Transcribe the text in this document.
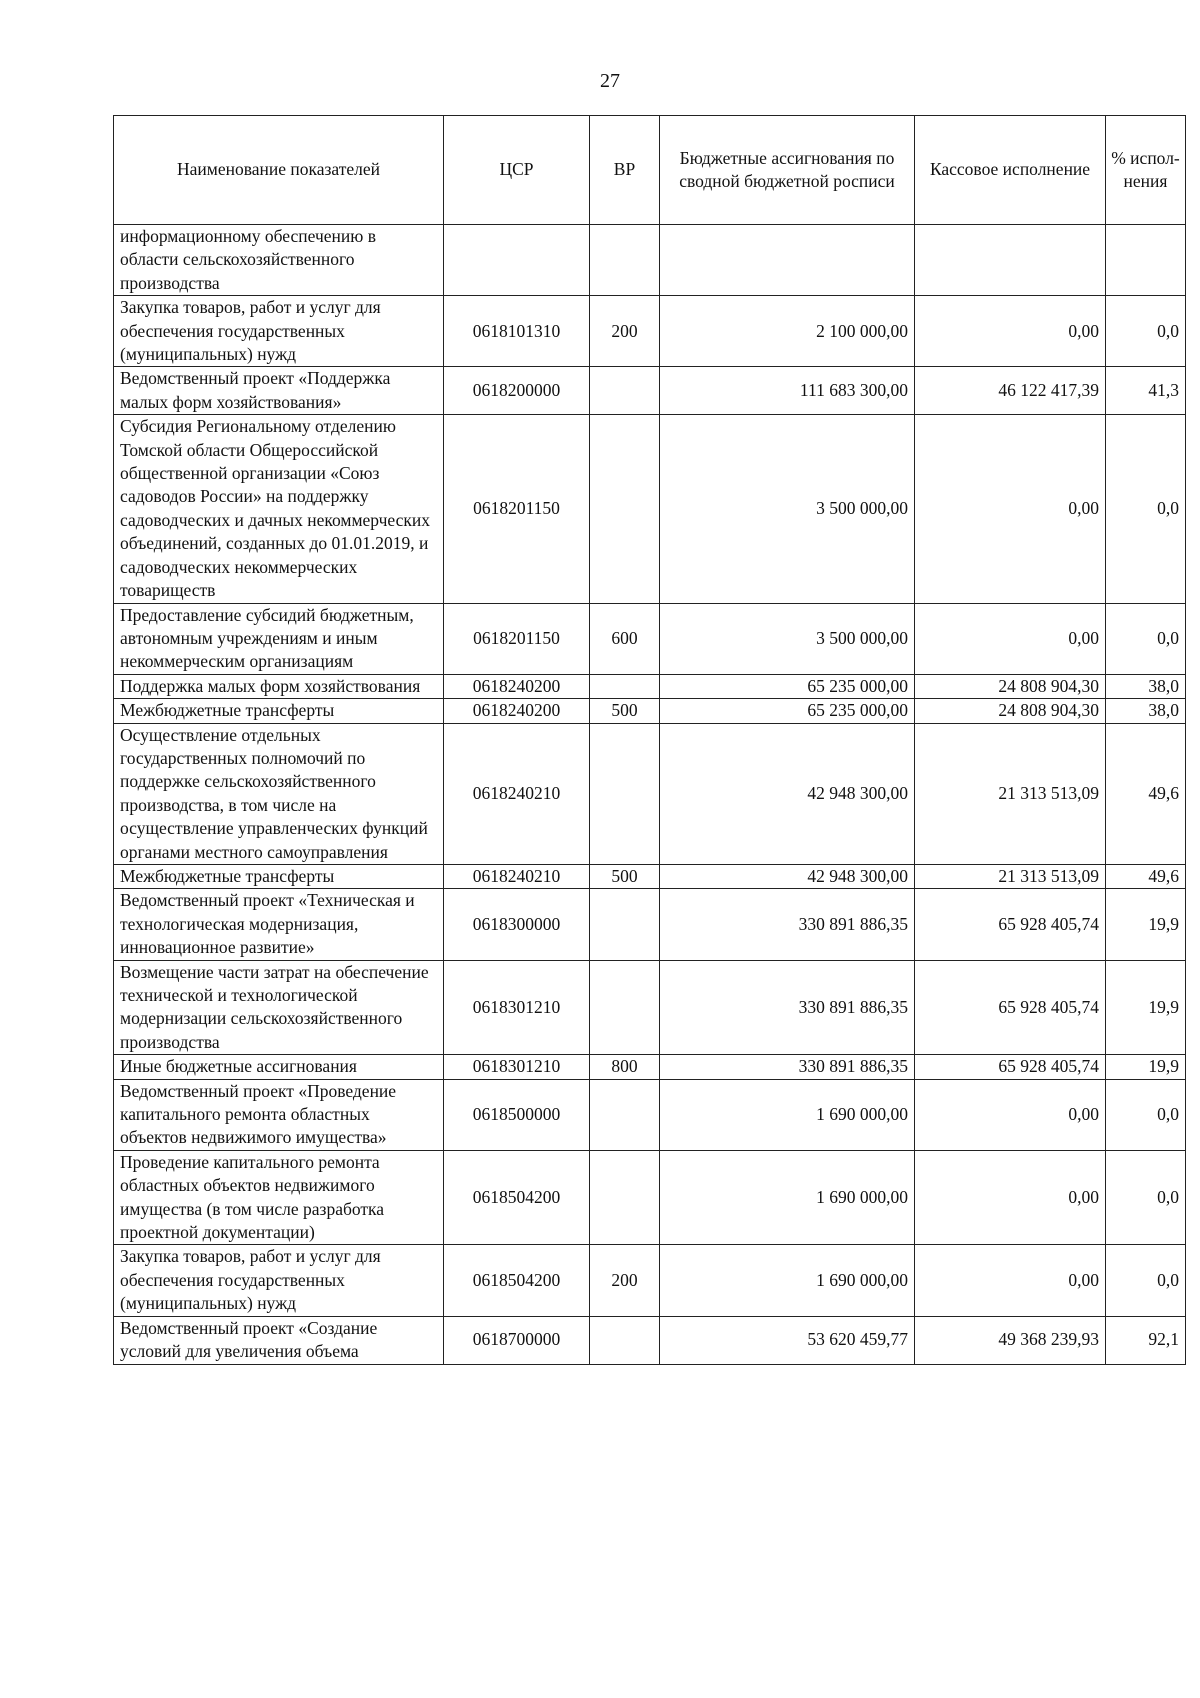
27
Наименование показателей	ЦСР	ВР	Бюджетные ассигнования по сводной бюджетной росписи	Кассовое исполнение	% испол-нения
информационному обеспечению в области сельскохозяйственного производства					
Закупка товаров, работ и услуг для обеспечения государственных (муниципальных) нужд	0618101310	200	2 100 000,00	0,00	0,0
Ведомственный проект «Поддержка малых форм хозяйствования»	0618200000		111 683 300,00	46 122 417,39	41,3
Субсидия Региональному отделению Томской области Общероссийской общественной организации «Союз садоводов России» на поддержку садоводческих и дачных некоммерческих объединений, созданных до 01.01.2019, и садоводческих некоммерческих товариществ	0618201150		3 500 000,00	0,00	0,0
Предоставление субсидий бюджетным, автономным учреждениям и иным некоммерческим организациям	0618201150	600	3 500 000,00	0,00	0,0
Поддержка малых форм хозяйствования	0618240200		65 235 000,00	24 808 904,30	38,0
Межбюджетные трансферты	0618240200	500	65 235 000,00	24 808 904,30	38,0
Осуществление отдельных государственных полномочий по поддержке сельскохозяйственного производства, в том числе на осуществление управленческих функций органами местного самоуправления	0618240210		42 948 300,00	21 313 513,09	49,6
Межбюджетные трансферты	0618240210	500	42 948 300,00	21 313 513,09	49,6
Ведомственный проект «Техническая и технологическая модернизация, инновационное развитие»	0618300000		330 891 886,35	65 928 405,74	19,9
Возмещение части затрат на обеспечение технической и технологической модернизации сельскохозяйственного производства	0618301210		330 891 886,35	65 928 405,74	19,9
Иные бюджетные ассигнования	0618301210	800	330 891 886,35	65 928 405,74	19,9
Ведомственный проект «Проведение капитального ремонта областных объектов недвижимого имущества»	0618500000		1 690 000,00	0,00	0,0
Проведение капитального ремонта областных объектов недвижимого имущества (в том числе разработка проектной документации)	0618504200		1 690 000,00	0,00	0,0
Закупка товаров, работ и услуг для обеспечения государственных (муниципальных) нужд	0618504200	200	1 690 000,00	0,00	0,0
Ведомственный проект «Создание условий для увеличения объема	0618700000		53 620 459,77	49 368 239,93	92,1
